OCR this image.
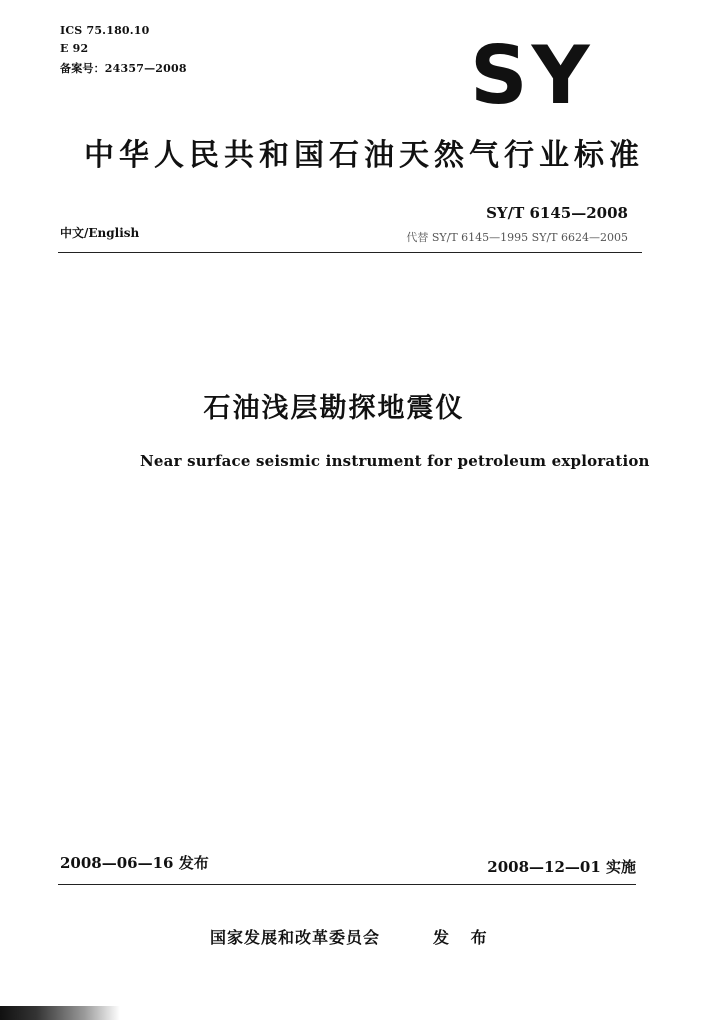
ICS 75.180.10
E 92
备案号：24357—2008	SY
中华人民共和国石油天然气行业标准
SY/T 6145—2008
中文/English	代替 SY/T 6145—1995 SY/T 6624—2005
石油浅层勘探地震仪
Near surface seismic instrument for petroleum exploration
2008—06—16 发布	2008—12—01 实施
国家发展和改革委员会	发 布
